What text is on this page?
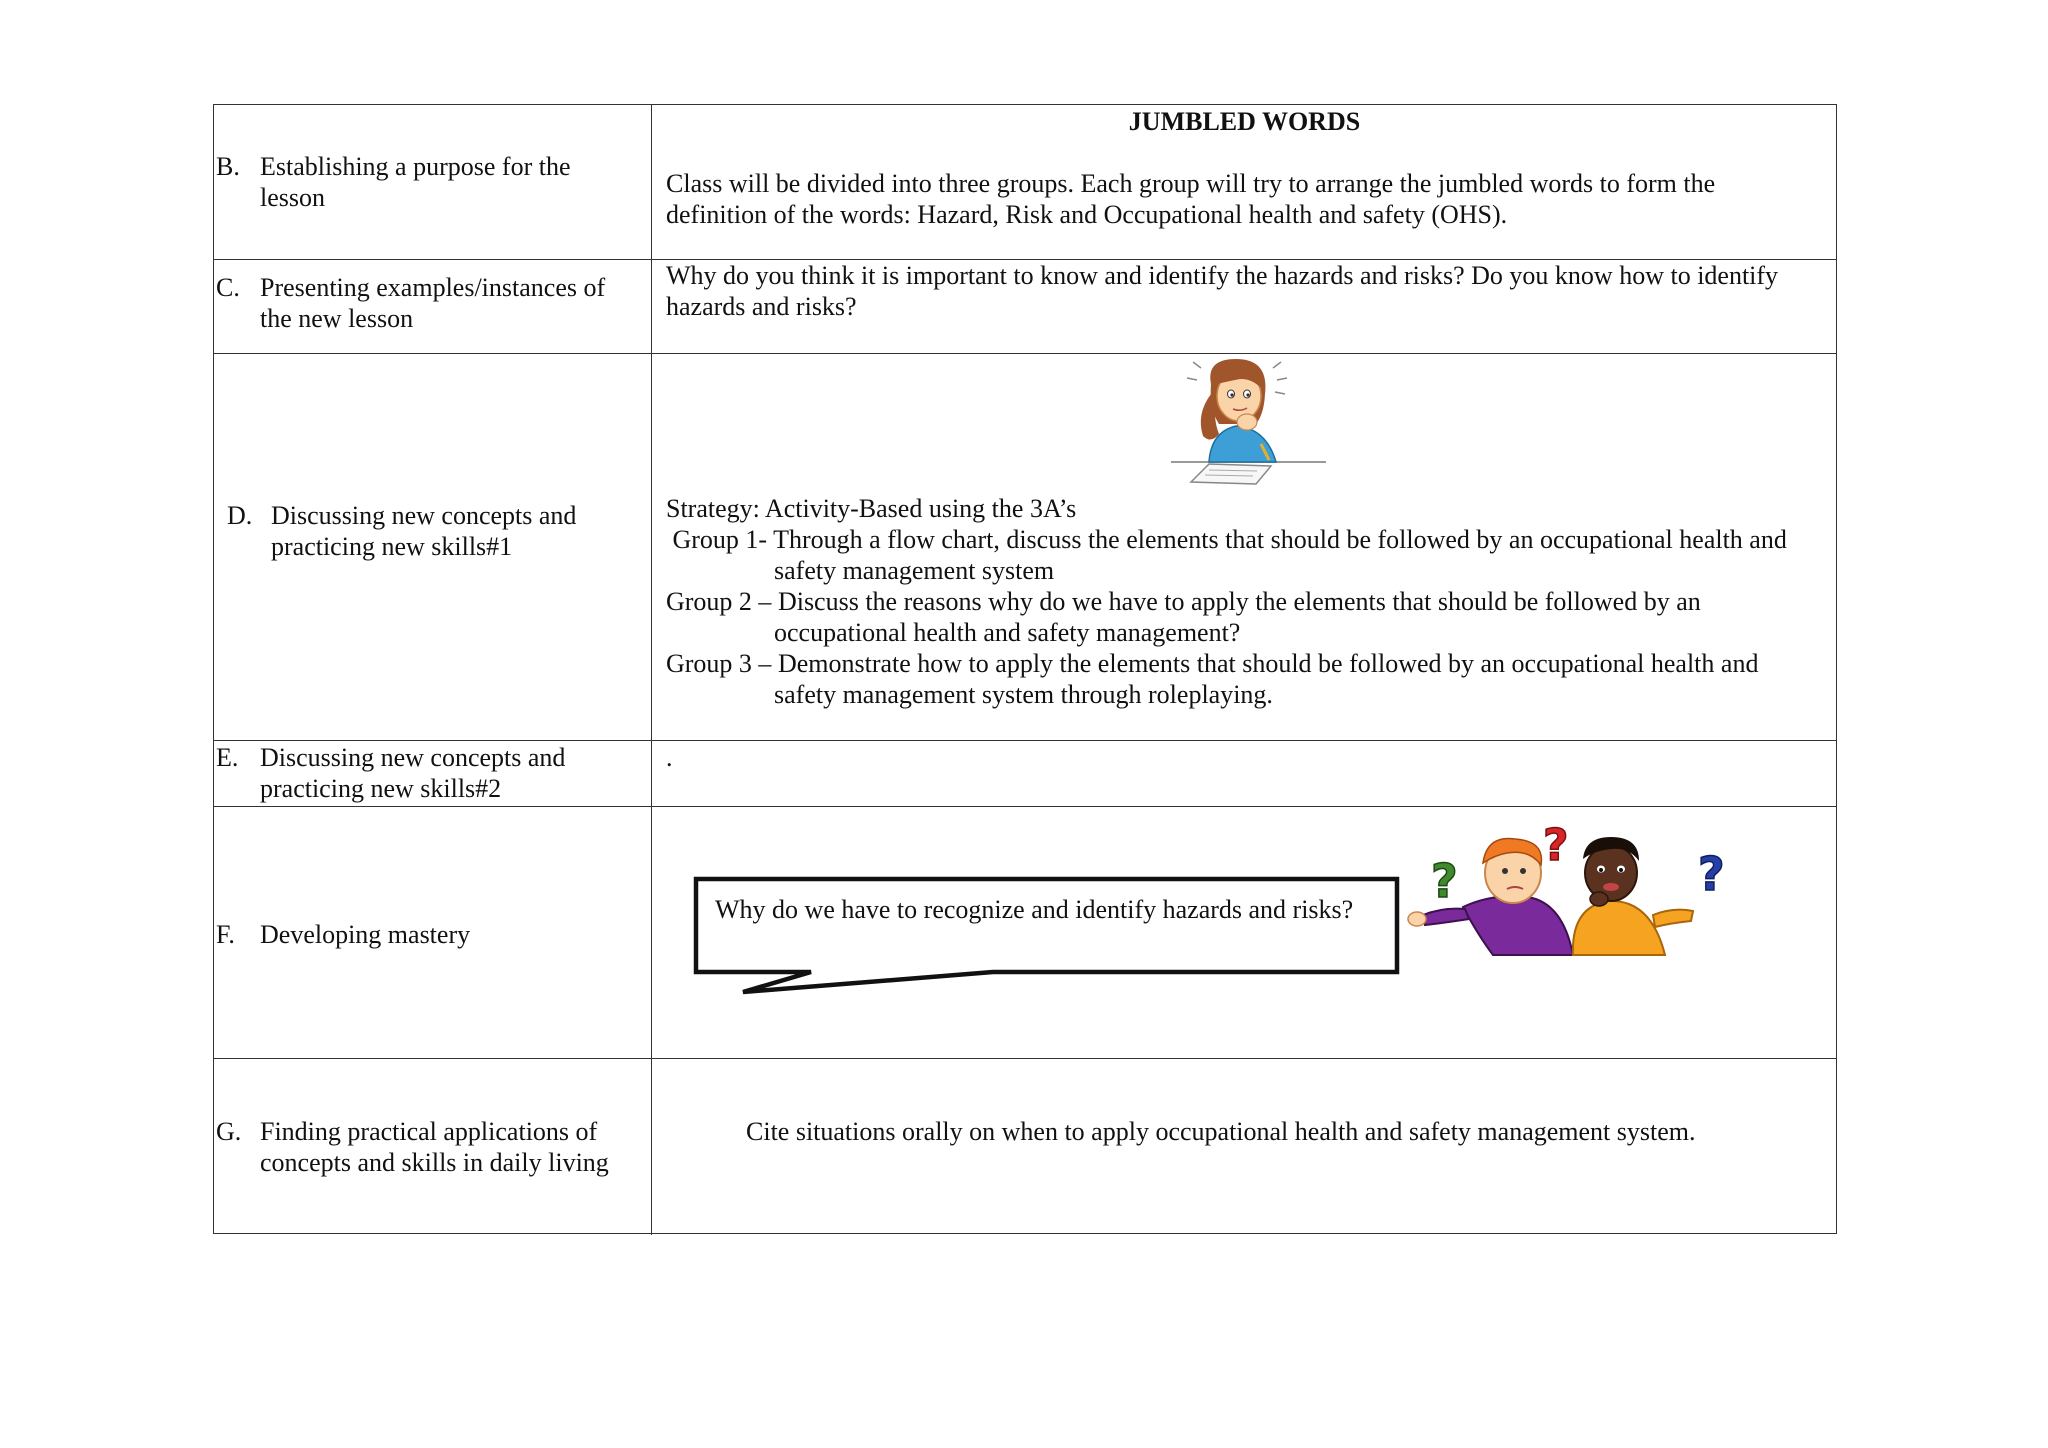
B. Establishing a purpose for the lesson

JUMBLED WORDS

Class will be divided into three groups. Each group will try to arrange the jumbled words to form the definition of the words: Hazard, Risk and Occupational health and safety (OHS).

C. Presenting examples/instances of the new lesson

Why do you think it is important to know and identify the hazards and risks? Do you know how to identify hazards and risks?

D. Discussing new concepts and practicing new skills#1

Strategy: Activity-Based using the 3A’s

Group 1- Through a flow chart, discuss the elements that should be followed by an occupational health and
safety management system
Group 2 – Discuss the reasons why do we have to apply the elements that should be followed by an
occupational health and safety management?
Group 3 – Demonstrate how to apply the elements that should be followed by an occupational health and
safety management system through roleplaying.
E. Discussing new concepts and practicing new skills#2

.

F. Developing mastery
Why do we have to recognize and identify hazards and risks?
?
?
?
G. Finding practical applications of concepts and skills in daily living

Cite situations orally on when to apply occupational health and safety management system.
